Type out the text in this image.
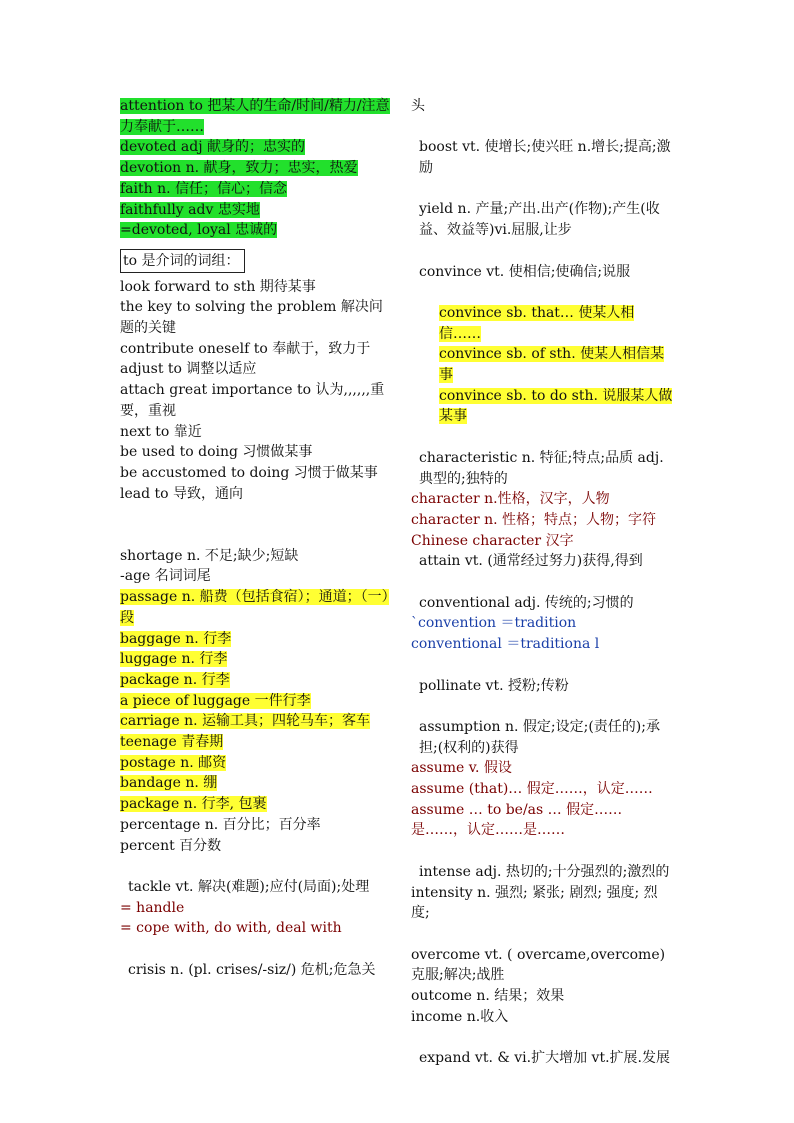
attention to 把某人的生命/时间/精力/注意力奉献于……
devoted adj 献身的；忠实的
devotion n. 献身，致力；忠实，热爱
faith n. 信任；信心；信念
faithfully adv 忠实地
=devoted, loyal 忠诚的
to 是介词的词组：
look forward to sth 期待某事
the key to solving the problem 解决问题的关键
contribute oneself to 奉献于，致力于
adjust to 调整以适应
attach great importance to 认为,,,,,,重要，重视
next to 靠近
be used to doing 习惯做某事
be accustomed to doing 习惯于做某事
lead to 导致，通向
shortage n. 不足;缺少;短缺
-age 名词词尾
passage n. 船费（包括食宿）；通道；（一）段
baggage n. 行李
luggage n. 行李
package n. 行李
a piece of luggage 一件行李
carriage n. 运输工具；四轮马车；客车
teenage 青春期
postage n. 邮资
bandage n. 绷
package n. 行李, 包裹
percentage n. 百分比；百分率
percent 百分数
tackle vt. 解决(难题);应付(局面);处理
= handle
= cope with, do with, deal with
crisis n. (pl. crises/-siz/) 危机;危急关
头
boost vt. 使增长;使兴旺 n.增长;提高;激励
yield n. 产量;产出.出产(作物);产生(收益、效益等)vi.屈服,让步
convince vt. 使相信;使确信;说服
convince sb. that… 使某人相信……
convince sb. of sth. 使某人相信某事
convince sb. to do sth. 说服某人做某事
characteristic n. 特征;特点;品质 adj.典型的;独特的
character n.性格，汉字，人物
character n. 性格；特点；人物；字符
Chinese character 汉字
attain vt. (通常经过努力)获得,得到
conventional adj. 传统的;习惯的
`convention ＝tradition
conventional ＝traditiona l
pollinate vt. 授粉;传粉
assumption n. 假定;设定;(责任的);承担;(权利的)获得
assume v. 假设
assume (that)… 假定……，认定……
assume … to be/as … 假定……是……，认定……是……
intense adj. 热切的;十分强烈的;激烈的
intensity n. 强烈; 紧张; 剧烈; 强度; 烈度;
overcome vt. ( overcame,overcome) 克服;解决;战胜
outcome n. 结果；效果
income n.收入
expand vt. & vi.扩大增加 vt.扩展.发展
